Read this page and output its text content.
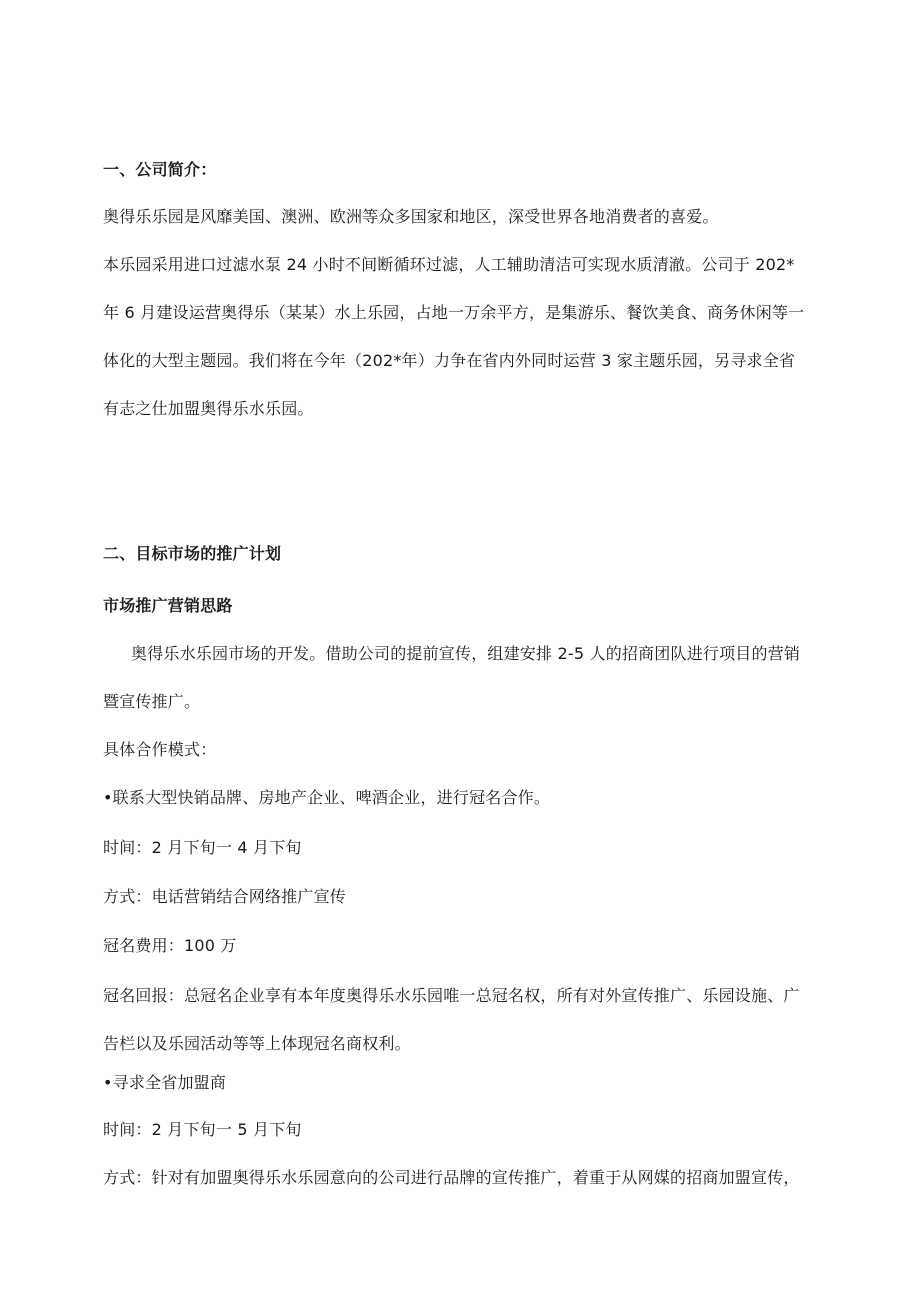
一、公司简介：
奥得乐乐园是风靡美国、澳洲、欧洲等众多国家和地区，深受世界各地消费者的喜爱。
本乐园采用进口过滤水泵 24 小时不间断循环过滤，人工辅助清洁可实现水质清澈。公司于 202*
年 6 月建设运营奥得乐（某某）水上乐园，占地一万余平方，是集游乐、餐饮美食、商务休闲等一
体化的大型主题园。我们将在今年（202*年）力争在省内外同时运营 3 家主题乐园，另寻求全省
有志之仕加盟奥得乐水乐园。
二、目标市场的推广计划
市场推广营销思路
奥得乐水乐园市场的开发。借助公司的提前宣传，组建安排 2-5 人的招商团队进行项目的营销
暨宣传推广。
具体合作模式：
•联系大型快销品牌、房地产企业、啤酒企业，进行冠名合作。
时间：2 月下旬一 4 月下旬
方式：电话营销结合网络推广宣传
冠名费用：100 万
冠名回报：总冠名企业享有本年度奥得乐水乐园唯一总冠名权，所有对外宣传推广、乐园设施、广
告栏以及乐园活动等等上体现冠名商权利。
•寻求全省加盟商
时间：2 月下旬一 5 月下旬
方式：针对有加盟奥得乐水乐园意向的公司进行品牌的宣传推广，着重于从网媒的招商加盟宣传，
